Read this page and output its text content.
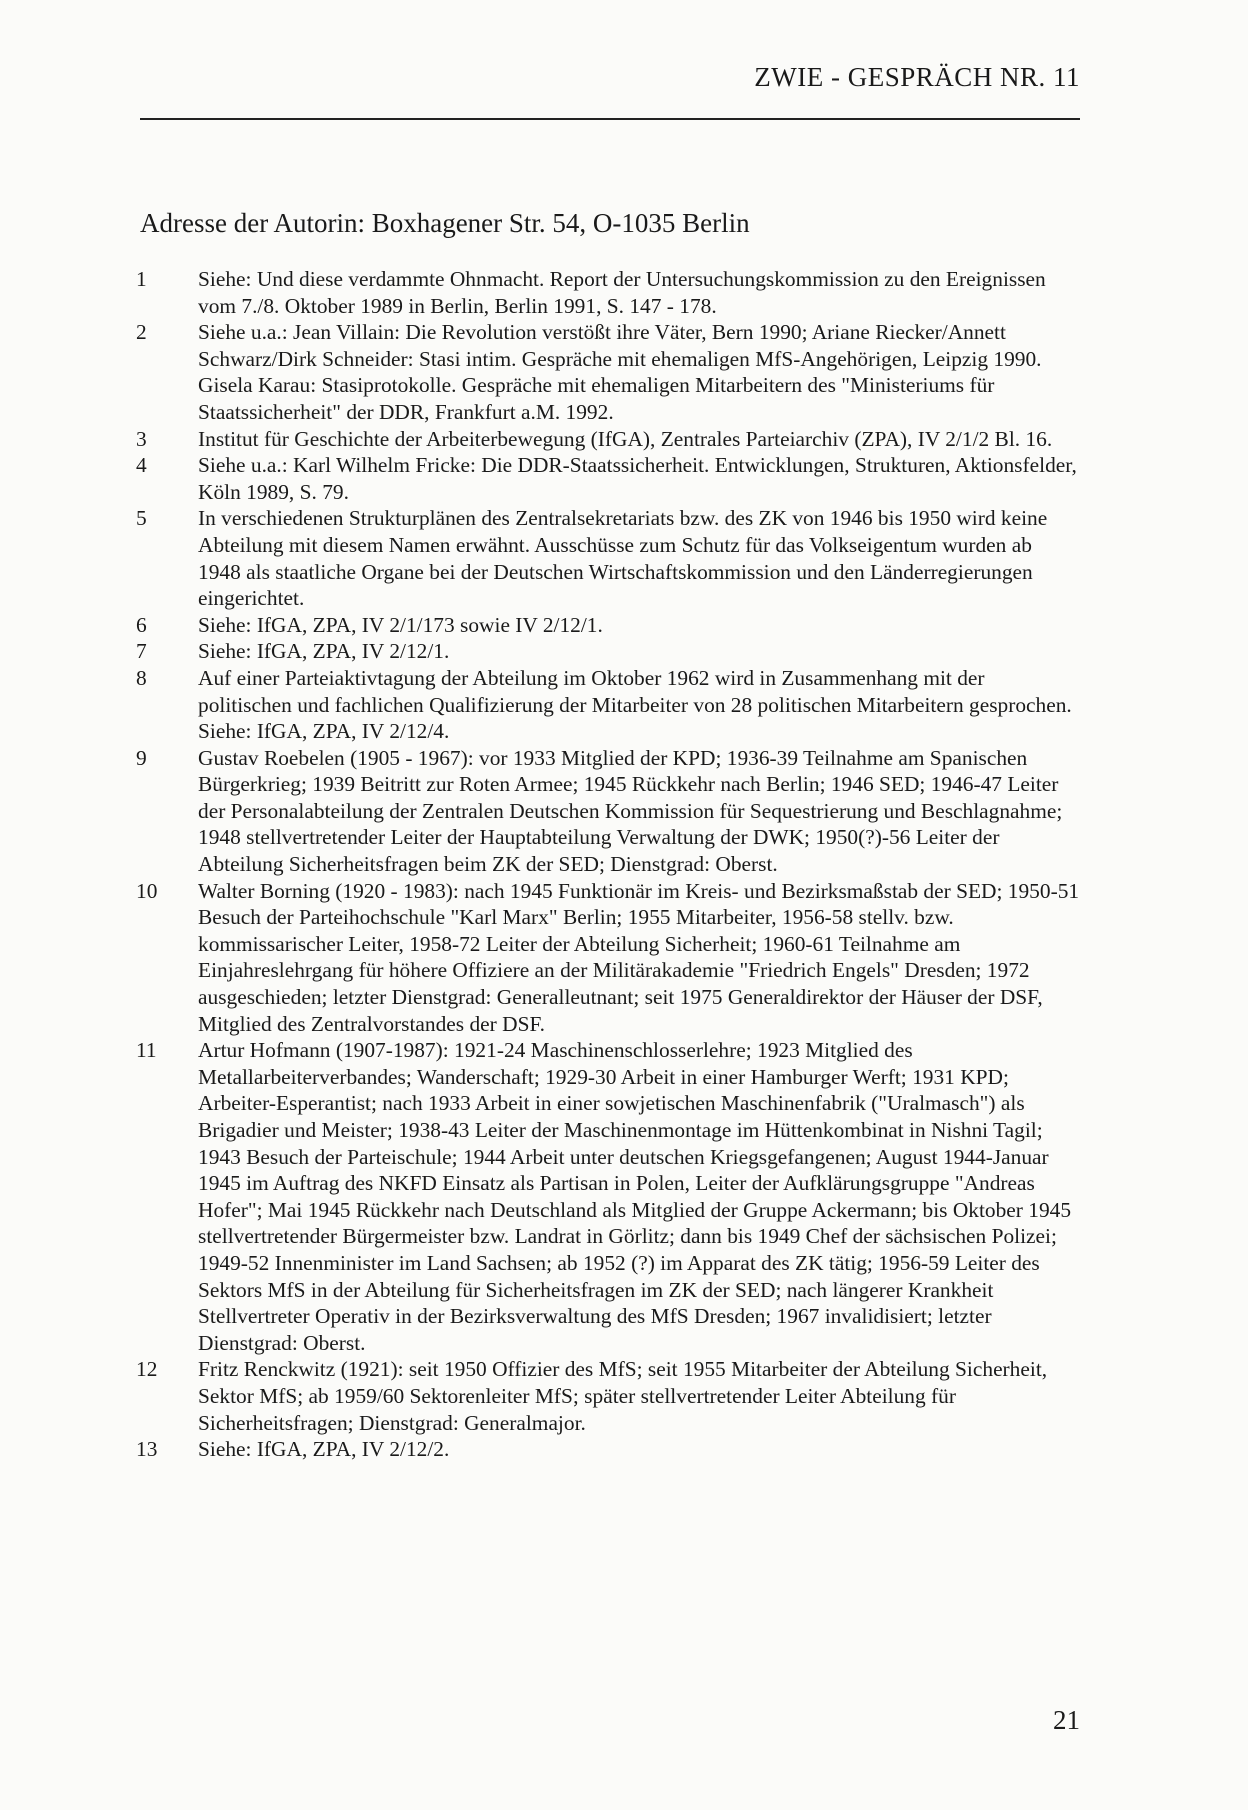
ZWIE - GESPRÄCH NR. 11
Adresse der Autorin: Boxhagener Str. 54, O-1035 Berlin
1	Siehe: Und diese verdammte Ohnmacht. Report der Untersuchungskommission zu den Ereignissen vom 7./8. Oktober 1989 in Berlin, Berlin 1991, S. 147 - 178.
2	Siehe u.a.: Jean Villain: Die Revolution verstößt ihre Väter, Bern 1990; Ariane Riecker/Annett Schwarz/Dirk Schneider: Stasi intim. Gespräche mit ehemaligen MfS-Angehörigen, Leipzig 1990. Gisela Karau: Stasiprotokolle. Gespräche mit ehemaligen Mitarbeitern des "Ministeriums für Staatssicherheit" der DDR, Frankfurt a.M. 1992.
3	Institut für Geschichte der Arbeiterbewegung (IfGA), Zentrales Parteiarchiv (ZPA), IV 2/1/2 Bl. 16.
4	Siehe u.a.: Karl Wilhelm Fricke: Die DDR-Staatssicherheit. Entwicklungen, Strukturen, Aktionsfelder, Köln 1989, S. 79.
5	In verschiedenen Strukturplänen des Zentralsekretariats bzw. des ZK von 1946 bis 1950 wird keine Abteilung mit diesem Namen erwähnt. Ausschüsse zum Schutz für das Volkseigentum wurden ab 1948 als staatliche Organe bei der Deutschen Wirtschaftskommission und den Länderregierungen eingerichtet.
6	Siehe: IfGA, ZPA, IV 2/1/173 sowie IV 2/12/1.
7	Siehe: IfGA, ZPA, IV 2/12/1.
8	Auf einer Parteiaktivtagung der Abteilung im Oktober 1962 wird in Zusammenhang mit der politischen und fachlichen Qualifizierung der Mitarbeiter von 28 politischen Mitarbeitern gesprochen. Siehe: IfGA, ZPA, IV 2/12/4.
9	Gustav Roebelen (1905 - 1967): vor 1933 Mitglied der KPD; 1936-39 Teilnahme am Spanischen Bürgerkrieg; 1939 Beitritt zur Roten Armee; 1945 Rückkehr nach Berlin; 1946 SED; 1946-47 Leiter der Personalabteilung der Zentralen Deutschen Kommission für Sequestrierung und Beschlagnahme; 1948 stellvertretender Leiter der Hauptabteilung Verwaltung der DWK; 1950(?)-56 Leiter der Abteilung Sicherheitsfragen beim ZK der SED; Dienstgrad: Oberst.
10	Walter Borning (1920 - 1983): nach 1945 Funktionär im Kreis- und Bezirksmaßstab der SED; 1950-51 Besuch der Parteihochschule "Karl Marx" Berlin; 1955 Mitarbeiter, 1956-58 stellv. bzw. kommissarischer Leiter, 1958-72 Leiter der Abteilung Sicherheit; 1960-61 Teilnahme am Einjahreslehrgang für höhere Offiziere an der Militärakademie "Friedrich Engels" Dresden; 1972 ausgeschieden; letzter Dienstgrad: Generalleutnant; seit 1975 Generaldirektor der Häuser der DSF, Mitglied des Zentralvorstandes der DSF.
11	Artur Hofmann (1907-1987): 1921-24 Maschinenschlosserlehre; 1923 Mitglied des Metallarbeiterverbandes; Wanderschaft; 1929-30 Arbeit in einer Hamburger Werft; 1931 KPD; Arbeiter-Esperantist; nach 1933 Arbeit in einer sowjetischen Maschinenfabrik ("Uralmasch") als Brigadier und Meister; 1938-43 Leiter der Maschinenmontage im Hüttenkombinat in Nishni Tagil; 1943 Besuch der Parteischule; 1944 Arbeit unter deutschen Kriegsgefangenen; August 1944-Januar 1945 im Auftrag des NKFD Einsatz als Partisan in Polen, Leiter der Aufklärungsgruppe "Andreas Hofer"; Mai 1945 Rückkehr nach Deutschland als Mitglied der Gruppe Ackermann; bis Oktober 1945 stellvertretender Bürgermeister bzw. Landrat in Görlitz; dann bis 1949 Chef der sächsischen Polizei; 1949-52 Innenminister im Land Sachsen; ab 1952 (?) im Apparat des ZK tätig; 1956-59 Leiter des Sektors MfS in der Abteilung für Sicherheitsfragen im ZK der SED; nach längerer Krankheit Stellvertreter Operativ in der Bezirksverwaltung des MfS Dresden; 1967 invalidisiert; letzter Dienstgrad: Oberst.
12	Fritz Renckwitz (1921): seit 1950 Offizier des MfS; seit 1955 Mitarbeiter der Abteilung Sicherheit, Sektor MfS; ab 1959/60 Sektorenleiter MfS; später stellvertretender Leiter Abteilung für Sicherheitsfragen; Dienstgrad: Generalmajor.
13	Siehe: IfGA, ZPA, IV 2/12/2.
21
